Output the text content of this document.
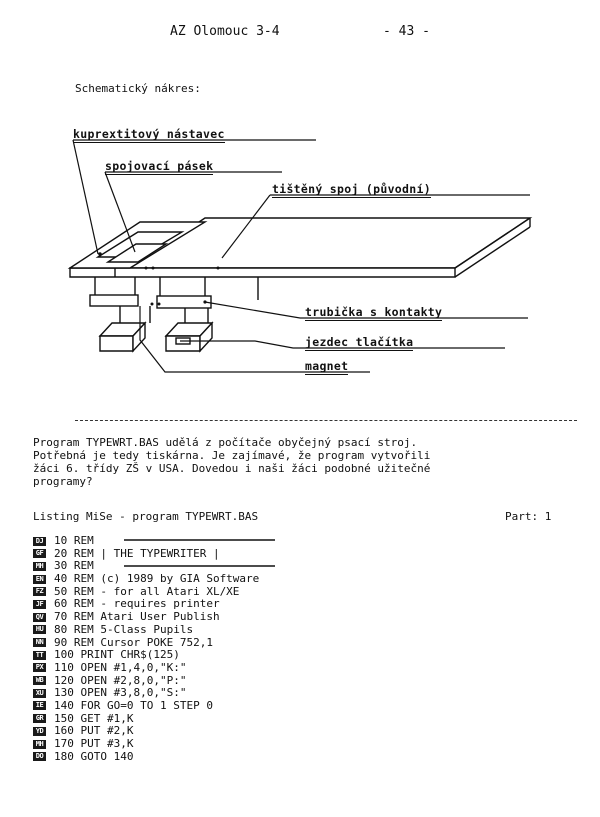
AZ Olomouc 3-4	- 43 -
Schematický nákres:
kuprextitový nástavec
spojovací pásek
tištěný spoj (původní)
trubička s kontakty
jezdec tlačítka
magnet
Program TYPEWRT.BAS udělá z počítače obyčejný psací stroj.
Potřebná je tedy tiskárna. Je zajímavé, že program vytvořili
žáci 6. třídy ZŠ v USA. Dovedou i naši žáci podobné užitečné
programy?
Listing MiSe - program TYPEWRT.BAS	Part: 1
DJ 10 REM
GF 20 REM | THE TYPEWRITER |
MH 30 REM
EN 40 REM (c) 1989 by GIA Software
FZ 50 REM - for all Atari XL/XE
JF 60 REM - requires printer
QV 70 REM Atari User Publish
HU 80 REM 5-Class Pupils
NN 90 REM Cursor POKE 752,1
TT 100 PRINT CHR$(125)
PX 110 OPEN #1,4,0,"K:"
WB 120 OPEN #2,8,0,"P:"
XU 130 OPEN #3,8,0,"S:"
IE 140 FOR GO=0 TO 1 STEP 0
GR 150 GET #1,K
YD 160 PUT #2,K
MH 170 PUT #3,K
DO 180 GOTO 140
